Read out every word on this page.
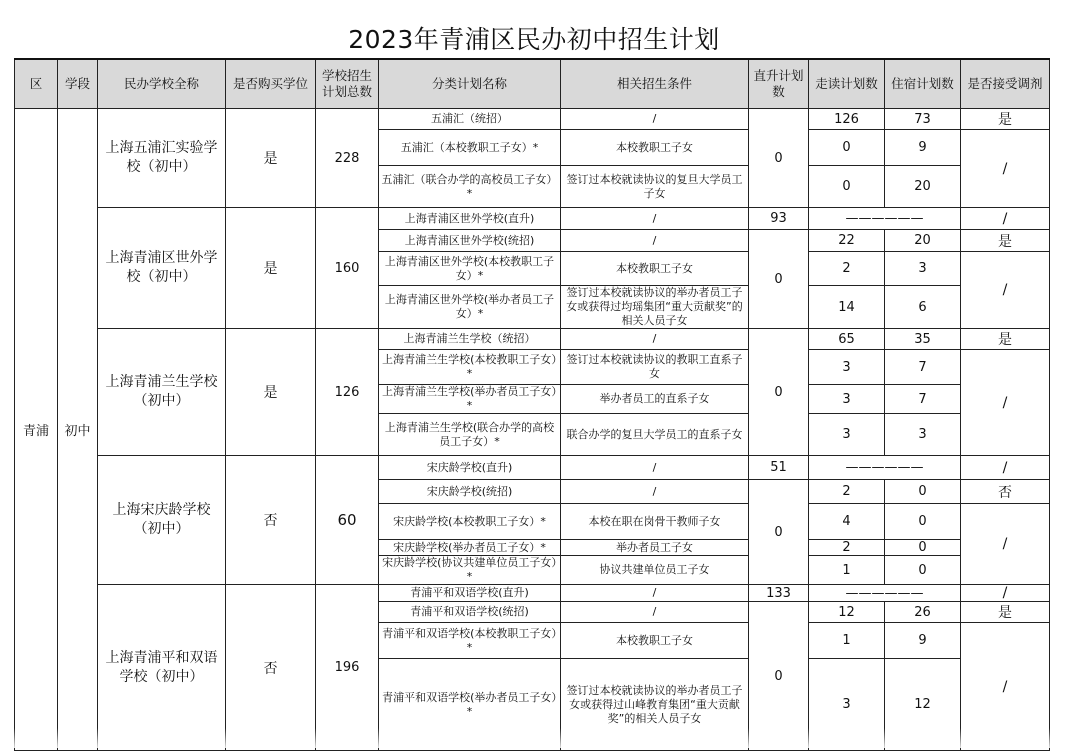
2023年青浦区民办初中招生计划
区	学段	民办学校全称	是否购买学位	学校招生计划总数	分类计划名称	相关招生条件	直升计划数	走读计划数	住宿计划数	是否接受调剂
青浦	初中	上海五浦汇实验学校（初中）	是	228	五浦汇（统招）	/	0	126	73	是
					五浦汇（本校教职工子女）*	本校教职工子女		0	9	/
					五浦汇（联合办学的高校员工子女）*	签订过本校就读协议的复旦大学员工子女		0	20	

		上海青浦区世外学校（初中）	是	160	上海青浦区世外学校(直升)	/	93	——————		/
					上海青浦区世外学校(统招)	/	0	22	20	是
					上海青浦区世外学校(本校教职工子女）*	本校教职工子女		2	3	/
					上海青浦区世外学校(举办者员工子女）*	签订过本校就读协议的举办者员工子女或获得过均瑶集团“重大贡献奖”的相关人员子女		14	6	

		上海青浦兰生学校（初中）	是	126	上海青浦兰生学校（统招）	/	0	65	35	是
					上海青浦兰生学校(本校教职工子女）*	签订过本校就读协议的教职工直系子女		3	7	/
					上海青浦兰生学校(举办者员工子女）*	举办者员工的直系子女		3	7	
					上海青浦兰生学校(联合办学的高校员工子女）*	联合办学的复旦大学员工的直系子女		3	3	

		上海宋庆龄学校（初中）	否	60	宋庆龄学校(直升)	/	51	——————		/
					宋庆龄学校(统招)	/	0	2	0	否
					宋庆龄学校(本校教职工子女）*	本校在职在岗骨干教师子女		4	0	/
					宋庆龄学校(举办者员工子女）*	举办者员工子女		2	0	
					宋庆龄学校(协议共建单位员工子女）*	协议共建单位员工子女		1	0	

		上海青浦平和双语学校（初中）	否	196	青浦平和双语学校(直升)	/	133	——————		/
					青浦平和双语学校(统招)	/	0	12	26	是
					青浦平和双语学校(本校教职工子女）*	本校教职工子女		1	9	/
					青浦平和双语学校(举办者员工子女）*	签订过本校就读协议的举办者员工子女或获得过山峰教育集团“重大贡献奖”的相关人员子女		3	12	
